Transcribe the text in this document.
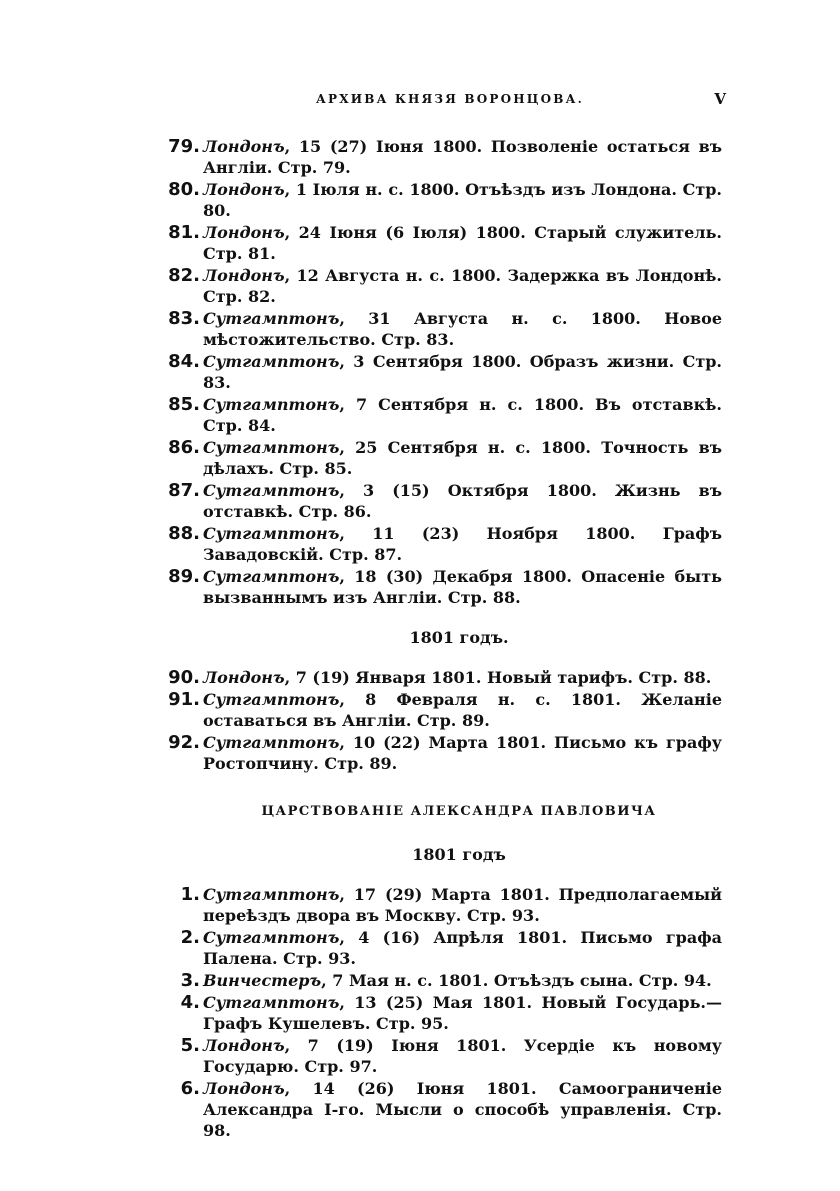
АРХИВА КНЯЗЯ ВОРОНЦОВА.	V
79. Лондонъ, 15 (27) Іюня 1800. Позволеніе остаться въ Англіи. Стр. 79.
80. Лондонъ, 1 Іюля н. с. 1800. Отъѣздъ изъ Лондона. Стр. 80.
81. Лондонъ, 24 Іюня (6 Іюля) 1800. Старый служитель. Стр. 81.
82. Лондонъ, 12 Августа н. с. 1800. Задержка въ Лондонѣ. Стр. 82.
83. Сутгамптонъ, 31 Августа н. с. 1800. Новое мѣстожительство. Стр. 83.
84. Сутгамптонъ, 3 Сентября 1800. Образъ жизни. Стр. 83.
85. Сутгамптонъ, 7 Сентября н. с. 1800. Въ отставкѣ. Стр. 84.
86. Сутгамптонъ, 25 Сентября н. с. 1800. Точность въ дѣлахъ. Стр. 85.
87. Сутгамптонъ, 3 (15) Октября 1800. Жизнь въ отставкѣ. Стр. 86.
88. Сутгамптонъ, 11 (23) Ноября 1800. Графъ Завадовскій. Стр. 87.
89. Сутгамптонъ, 18 (30) Декабря 1800. Опасеніе быть вызваннымъ изъ Англіи. Стр. 88.
1801 годъ.
90. Лондонъ, 7 (19) Января 1801. Новый тарифъ. Стр. 88.
91. Сутгамптонъ, 8 Февраля н. с. 1801. Желаніе оставаться въ Англіи. Стр. 89.
92. Сутгамптонъ, 10 (22) Марта 1801. Письмо къ графу Ростопчину. Стр. 89.
ЦАРСТВОВАНІЕ АЛЕКСАНДРА ПАВЛОВИЧА
1801 годъ
1. Сутгамптонъ, 17 (29) Марта 1801. Предполагаемый переѣздъ двора въ Москву. Стр. 93.
2. Сутгамптонъ, 4 (16) Апрѣля 1801. Письмо графа Палена. Стр. 93.
3. Винчестеръ, 7 Мая н. с. 1801. Отъѣздъ сына. Стр. 94.
4. Сутгамптонъ, 13 (25) Мая 1801. Новый Государь.— Графъ Кушелевъ. Стр. 95.
5. Лондонъ, 7 (19) Іюня 1801. Усердіе къ новому Государю. Стр. 97.
6. Лондонъ, 14 (26) Іюня 1801. Самоограниченіе Александра I-го. Мысли о способѣ управленія. Стр. 98.
